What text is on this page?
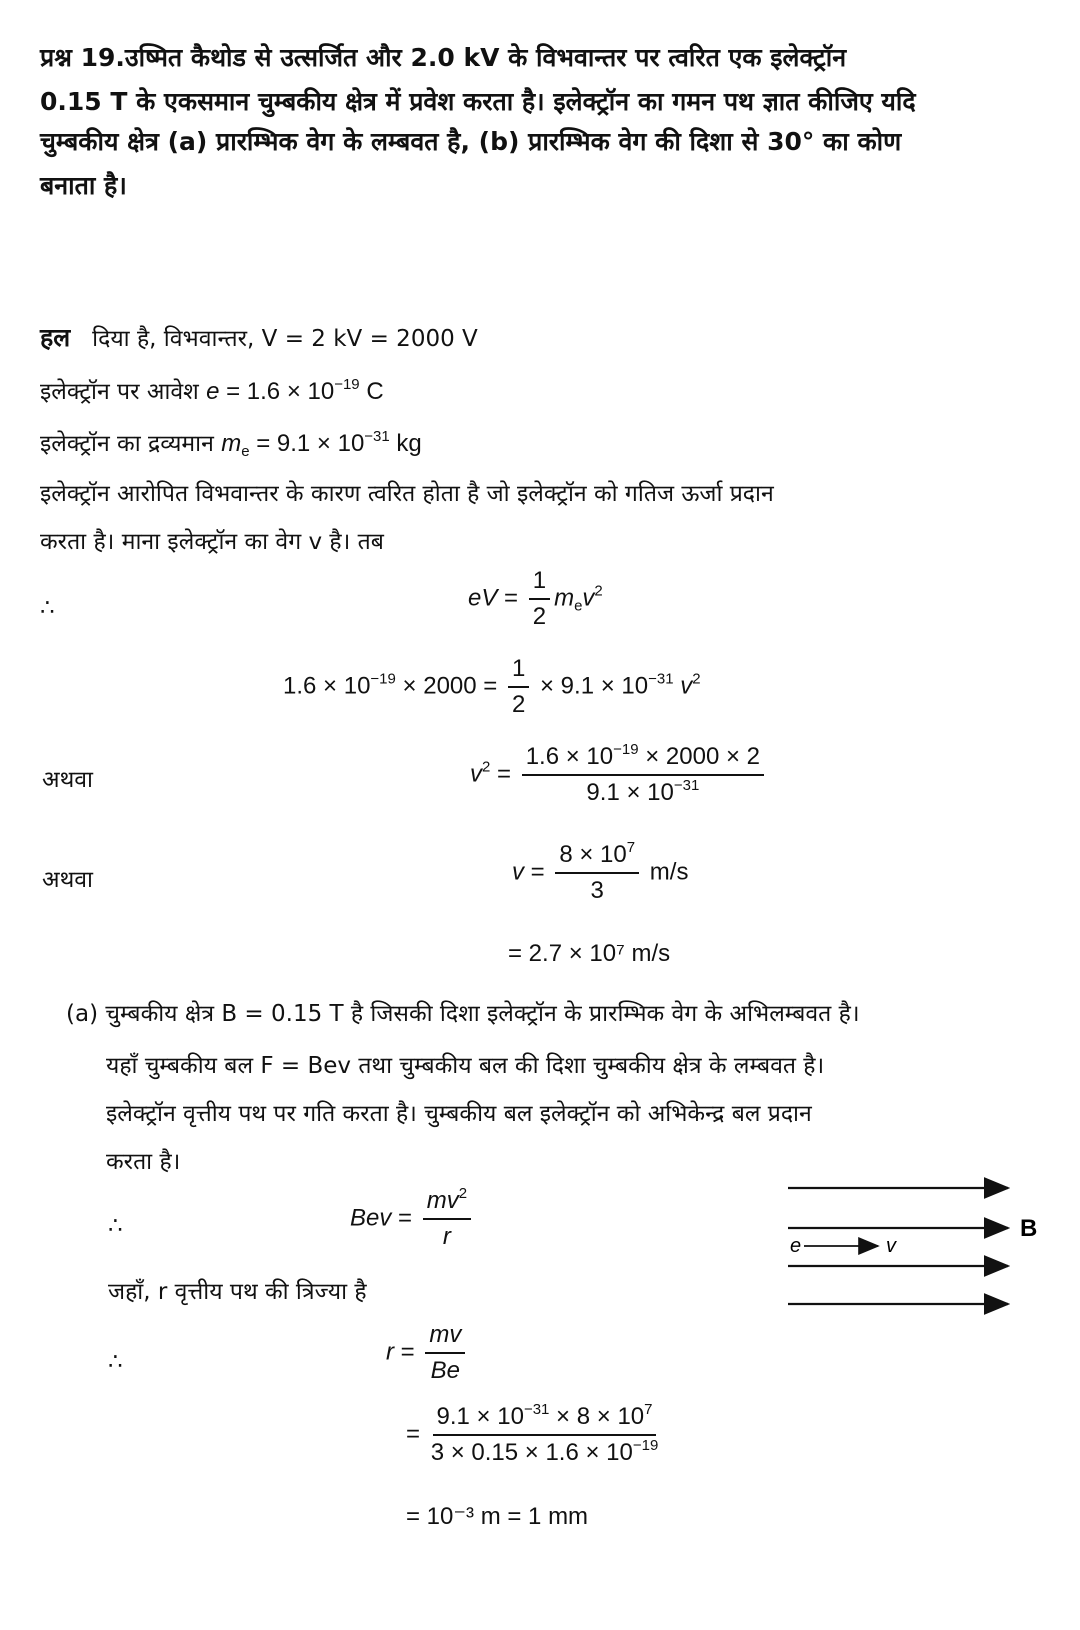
प्रश्न 19.उष्मित कैथोड से उत्सर्जित और 2.0 kV के विभवान्तर पर त्वरित एक इलेक्ट्रॉन
0.15 T के एकसमान चुम्बकीय क्षेत्र में प्रवेश करता है। इलेक्ट्रॉन का गमन पथ ज्ञात कीजिए यदि
चुम्बकीय क्षेत्र (a) प्रारम्भिक वेग के लम्बवत है, (b) प्रारम्भिक वेग की दिशा से 30° का कोण
बनाता है।
हल दिया है, विभवान्तर, V = 2 kV = 2000 V
इलेक्ट्रॉन पर आवेश $e = 1.6 \times 10^{-19}$ C
इलेक्ट्रॉन का द्रव्यमान $m_e = 9.1 \times 10^{-31}$ kg
इलेक्ट्रॉन आरोपित विभवान्तर के कारण त्वरित होता है जो इलेक्ट्रॉन को गतिज ऊर्जा प्रदान
करता है। माना इलेक्ट्रॉन का वेग v है। तब
∴	eV = $\frac{1}{2} m_ev^2$
$1.6 \times 10^{-19} \times 2000 = \frac{1}{2} \times 9.1 \times 10^{-31}$ $v^2$
अथवा	$v^2 = \frac{1.6 \times 10^{-19} \times 2000 \times 2}{9.1 \times 10^{-31}}$
अथवा	$v = \frac{8 \times 10^7}{3} m/s$
= 2.7 × 10⁷ m/s
(a) चुम्बकीय क्षेत्र B = 0.15 T है जिसकी दिशा इलेक्ट्रॉन के प्रारम्भिक वेग के अभिलम्बवत है।
यहाँ चुम्बकीय बल F = Bev तथा चुम्बकीय बल की दिशा चुम्बकीय क्षेत्र के लम्बवत है।
इलेक्ट्रॉन वृत्तीय पथ पर गति करता है। चुम्बकीय बल इलेक्ट्रॉन को अभिकेन्द्र बल प्रदान
करता है।
∴	Bev = $\frac{mv^2}{r}$	B
e	v
जहाँ, r वृत्तीय पथ की त्रिज्या है
∴	$r = \frac{mv}{Be}$
= $\frac{9.1 \times 10^{-31} \times 8 \times 10^7}{3 \times 0.15 \times 1.6 \times 10^{-19}}$
= 10⁻³ m = 1 mm
